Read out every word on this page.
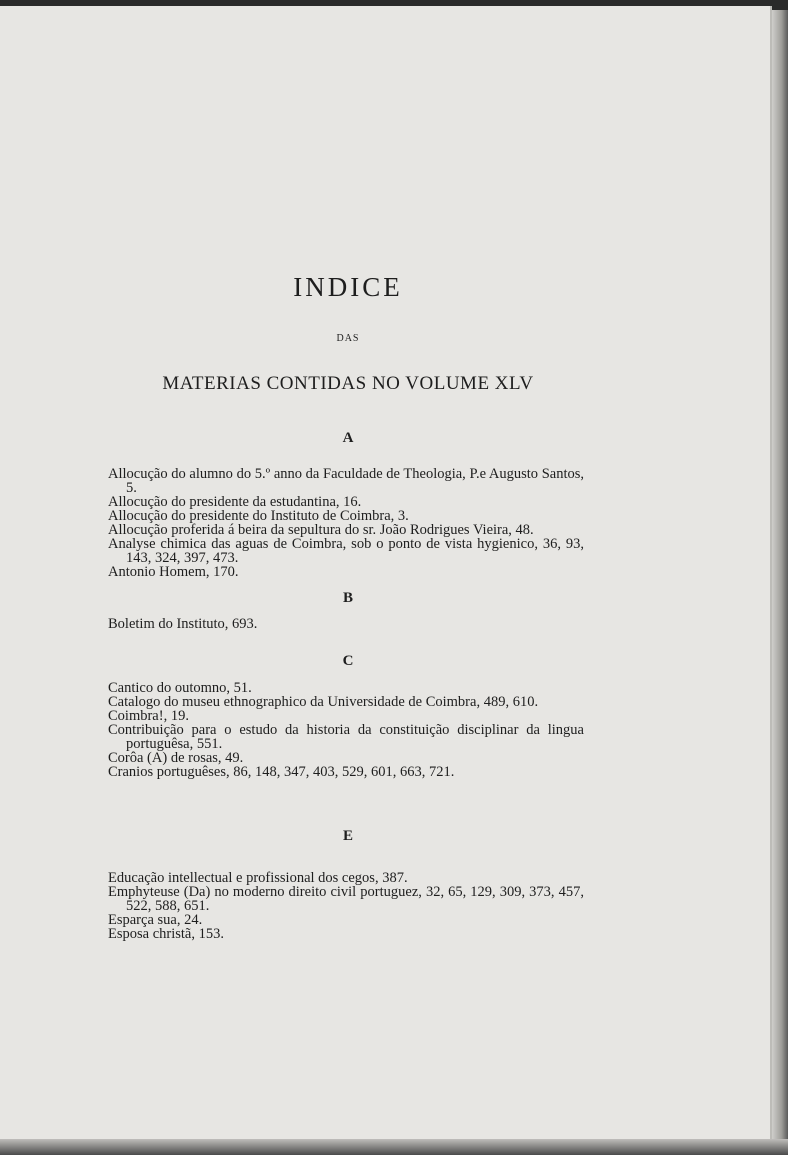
INDICE
DAS
MATERIAS CONTIDAS NO VOLUME XLV
A
Allocução do alumno do 5.º anno da Faculdade de Theologia, P.e Augusto Santos, 5.
Allocução do presidente da estudantina, 16.
Allocução do presidente do Instituto de Coimbra, 3.
Allocução proferida á beira da sepultura do sr. João Rodrigues Vieira, 48.
Analyse chimica das aguas de Coimbra, sob o ponto de vista hygienico, 36, 93, 143, 324, 397, 473.
Antonio Homem, 170.
B
Boletim do Instituto, 693.
C
Cantico do outomno, 51.
Catalogo do museu ethnographico da Universidade de Coimbra, 489, 610.
Coimbra!, 19.
Contribuição para o estudo da historia da constituição disciplinar da lingua portuguêsa, 551.
Corôa (A) de rosas, 49.
Cranios portuguêses, 86, 148, 347, 403, 529, 601, 663, 721.
E
Educação intellectual e profissional dos cegos, 387.
Emphyteuse (Da) no moderno direito civil portuguez, 32, 65, 129, 309, 373, 457, 522, 588, 651.
Esparça sua, 24.
Esposa christã, 153.
